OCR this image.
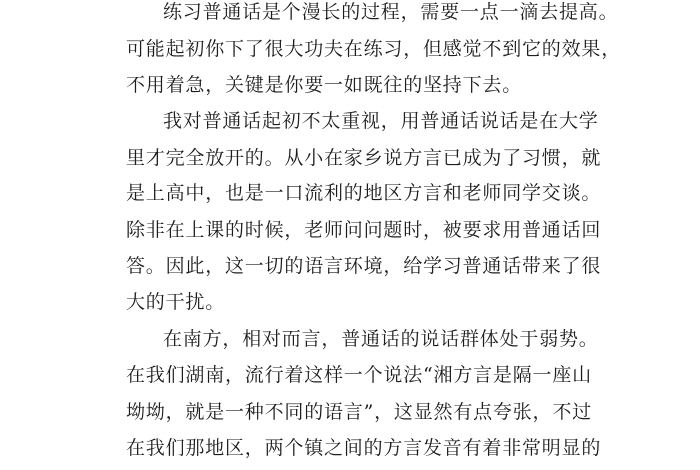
练习普通话是个漫长的过程，需要一点一滴去提高。
可能起初你下了很大功夫在练习，但感觉不到它的效果，
不用着急，关键是你要一如既往的坚持下去。
我对普通话起初不太重视，用普通话说话是在大学
里才完全放开的。从小在家乡说方言已成为了习惯，就
是上高中，也是一口流利的地区方言和老师同学交谈。
除非在上课的时候，老师问问题时，被要求用普通话回
答。因此，这一切的语言环境，给学习普通话带来了很
大的干扰。
在南方，相对而言，普通话的说话群体处于弱势。
在我们湖南，流行着这样一个说法“湘方言是隔一座山
坳坳，就是一种不同的语言”，这显然有点夸张，不过
在我们那地区，两个镇之间的方言发音有着非常明显的
